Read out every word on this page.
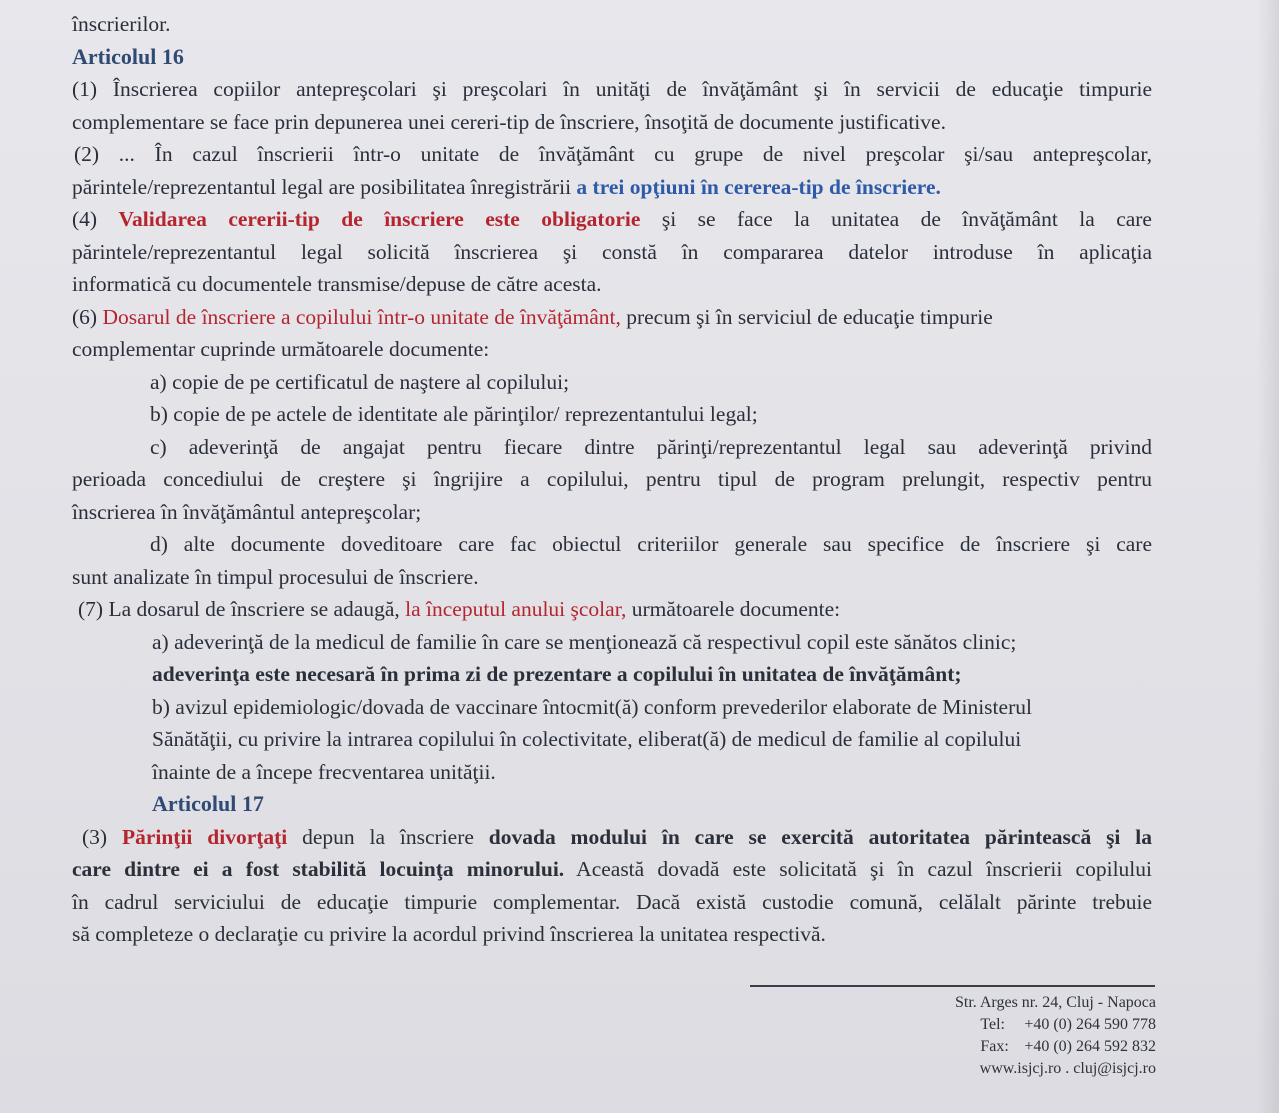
înscrierilor.
Articolul 16
(1) Înscrierea copiilor antepreşcolari şi preşcolari în unităţi de învăţământ şi în servicii de educaţie timpurie
complementare se face prin depunerea unei cereri-tip de înscriere, însoţită de documente justificative.
(2) ... În cazul înscrierii într-o unitate de învăţământ cu grupe de nivel preşcolar şi/sau antepreşcolar,
părintele/reprezentantul legal are posibilitatea înregistrării a trei opţiuni în cererea-tip de înscriere.
(4) Validarea cererii-tip de înscriere este obligatorie şi se face la unitatea de învăţământ la care
părintele/reprezentantul legal solicită înscrierea şi constă în compararea datelor introduse în aplicaţia
informatică cu documentele transmise/depuse de către acesta.
(6) Dosarul de înscriere a copilului într-o unitate de învăţământ, precum şi în serviciul de educaţie timpurie
complementar cuprinde următoarele documente:
a) copie de pe certificatul de naştere al copilului;
b) copie de pe actele de identitate ale părinţilor/ reprezentantului legal;
c) adeverinţă de angajat pentru fiecare dintre părinţi/reprezentantul legal sau adeverinţă privind
perioada concediului de creştere şi îngrijire a copilului, pentru tipul de program prelungit, respectiv pentru
înscrierea în învăţământul antepreşcolar;
d) alte documente doveditoare care fac obiectul criteriilor generale sau specifice de înscriere şi care
sunt analizate în timpul procesului de înscriere.
(7) La dosarul de înscriere se adaugă, la începutul anului şcolar, următoarele documente:
a) adeverinţă de la medicul de familie în care se menţionează că respectivul copil este sănătos clinic;
adeverinţa este necesară în prima zi de prezentare a copilului în unitatea de învăţământ;
b) avizul epidemiologic/dovada de vaccinare întocmit(ă) conform prevederilor elaborate de Ministerul
Sănătăţii, cu privire la intrarea copilului în colectivitate, eliberat(ă) de medicul de familie al copilului
înainte de a începe frecventarea unităţii.
Articolul 17
(3) Părinţii divorţaţi depun la înscriere dovada modului în care se exercită autoritatea părintească şi la
care dintre ei a fost stabilită locuinţa minorului. Această dovadă este solicitată şi în cazul înscrierii copilului
în cadrul serviciului de educaţie timpurie complementar. Dacă există custodie comună, celălalt părinte trebuie
să completeze o declaraţie cu privire la acordul privind înscrierea la unitatea respectivă.
Str. Arges nr. 24, Cluj - Napoca
Tel: +40 (0) 264 590 778
Fax: +40 (0) 264 592 832
www.isjcj.ro . cluj@isjcj.ro
